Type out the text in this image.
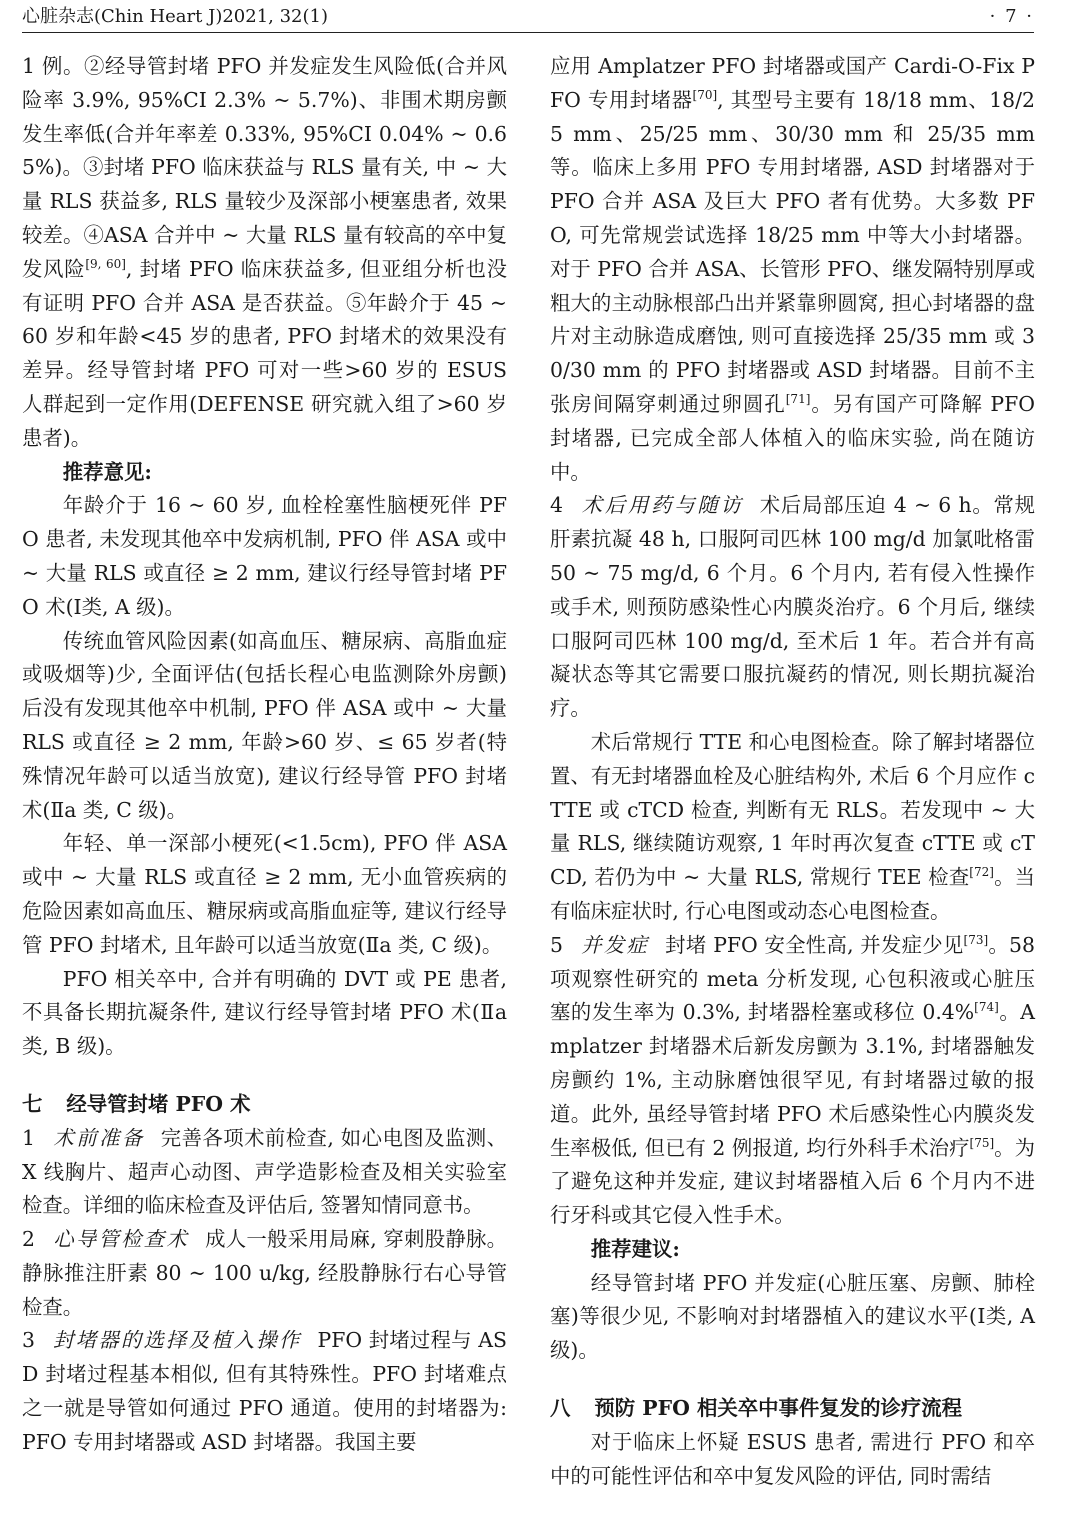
心脏杂志(Chin Heart J)2021, 32(1)	· 7 ·

1 例。②经导管封堵 PFO 并发症发生风险低(合并风险率 3.9%, 95%CI 2.3% ~ 5.7%)、非围术期房颤发生率低(合并年率差 0.33%, 95%CI 0.04% ~ 0.65%)。③封堵 PFO 临床获益与 RLS 量有关, 中 ~ 大量 RLS 获益多, RLS 量较少及深部小梗塞患者, 效果较差。④ASA 合并中 ~ 大量 RLS 量有较高的卒中复发风险[9, 60], 封堵 PFO 临床获益多, 但亚组分析也没有证明 PFO 合并 ASA 是否获益。⑤年龄介于 45 ~ 60 岁和年龄<45 岁的患者, PFO 封堵术的效果没有差异。经导管封堵 PFO 可对一些>60 岁的 ESUS 人群起到一定作用(DEFENSE 研究就入组了>60 岁患者)。

推荐意见:

年龄介于 16 ~ 60 岁, 血栓栓塞性脑梗死伴 PFO 患者, 未发现其他卒中发病机制, PFO 伴 ASA 或中 ~ 大量 RLS 或直径 ≥ 2 mm, 建议行经导管封堵 PFO 术(Ⅰ类, A 级)。

传统血管风险因素(如高血压、糖尿病、高脂血症或吸烟等)少, 全面评估(包括长程心电监测除外房颤)后没有发现其他卒中机制, PFO 伴 ASA 或中 ~ 大量 RLS 或直径 ≥ 2 mm, 年龄>60 岁、≤ 65 岁者(特殊情况年龄可以适当放宽), 建议行经导管 PFO 封堵术(Ⅱa 类, C 级)。

年轻、单一深部小梗死(<1.5cm), PFO 伴 ASA 或中 ~ 大量 RLS 或直径 ≥ 2 mm, 无小血管疾病的危险因素如高血压、糖尿病或高脂血症等, 建议行经导管 PFO 封堵术, 且年龄可以适当放宽(Ⅱa 类, C 级)。

PFO 相关卒中, 合并有明确的 DVT 或 PE 患者, 不具备长期抗凝条件, 建议行经导管封堵 PFO 术(Ⅱa 类, B 级)。

七 经导管封堵 PFO 术

1 术前准备 完善各项术前检查, 如心电图及监测、X 线胸片、超声心动图、声学造影检查及相关实验室检查。详细的临床检查及评估后, 签署知情同意书。

2 心导管检查术 成人一般采用局麻, 穿刺股静脉。静脉推注肝素 80 ~ 100 u/kg, 经股静脉行右心导管检查。

3 封堵器的选择及植入操作 PFO 封堵过程与 ASD 封堵过程基本相似, 但有其特殊性。PFO 封堵难点之一就是导管如何通过 PFO 通道。使用的封堵器为: PFO 专用封堵器或 ASD 封堵器。我国主要

应用 Amplatzer PFO 封堵器或国产 Cardi-O-Fix PFO 专用封堵器[70], 其型号主要有 18/18 mm、18/25 mm、25/25 mm、30/30 mm 和 25/35 mm 等。临床上多用 PFO 专用封堵器, ASD 封堵器对于 PFO 合并 ASA 及巨大 PFO 者有优势。大多数 PFO, 可先常规尝试选择 18/25 mm 中等大小封堵器。对于 PFO 合并 ASA、长管形 PFO、继发隔特别厚或粗大的主动脉根部凸出并紧靠卵圆窝, 担心封堵器的盘片对主动脉造成磨蚀, 则可直接选择 25/35 mm 或 30/30 mm 的 PFO 封堵器或 ASD 封堵器。目前不主张房间隔穿刺通过卵圆孔[71]。另有国产可降解 PFO 封堵器, 已完成全部人体植入的临床实验, 尚在随访中。

4 术后用药与随访 术后局部压迫 4 ~ 6 h。常规肝素抗凝 48 h, 口服阿司匹林 100 mg/d 加氯吡格雷 50 ~ 75 mg/d, 6 个月。6 个月内, 若有侵入性操作或手术, 则预防感染性心内膜炎治疗。6 个月后, 继续口服阿司匹林 100 mg/d, 至术后 1 年。若合并有高凝状态等其它需要口服抗凝药的情况, 则长期抗凝治疗。

术后常规行 TTE 和心电图检查。除了解封堵器位置、有无封堵器血栓及心脏结构外, 术后 6 个月应作 cTTE 或 cTCD 检查, 判断有无 RLS。若发现中 ~ 大量 RLS, 继续随访观察, 1 年时再次复查 cTTE 或 cTCD, 若仍为中 ~ 大量 RLS, 常规行 TEE 检查[72]。当有临床症状时, 行心电图或动态心电图检查。

5 并发症 封堵 PFO 安全性高, 并发症少见[73]。58 项观察性研究的 meta 分析发现, 心包积液或心脏压塞的发生率为 0.3%, 封堵器栓塞或移位 0.4%[74]。Amplatzer 封堵器术后新发房颤为 3.1%, 封堵器触发房颤约 1%, 主动脉磨蚀很罕见, 有封堵器过敏的报道。此外, 虽经导管封堵 PFO 术后感染性心内膜炎发生率极低, 但已有 2 例报道, 均行外科手术治疗[75]。为了避免这种并发症, 建议封堵器植入后 6 个月内不进行牙科或其它侵入性手术。

推荐建议:

经导管封堵 PFO 并发症(心脏压塞、房颤、肺栓塞)等很少见, 不影响对封堵器植入的建议水平(Ⅰ类, A 级)。

八 预防 PFO 相关卒中事件复发的诊疗流程

对于临床上怀疑 ESUS 患者, 需进行 PFO 和卒中的可能性评估和卒中复发风险的评估, 同时需结
